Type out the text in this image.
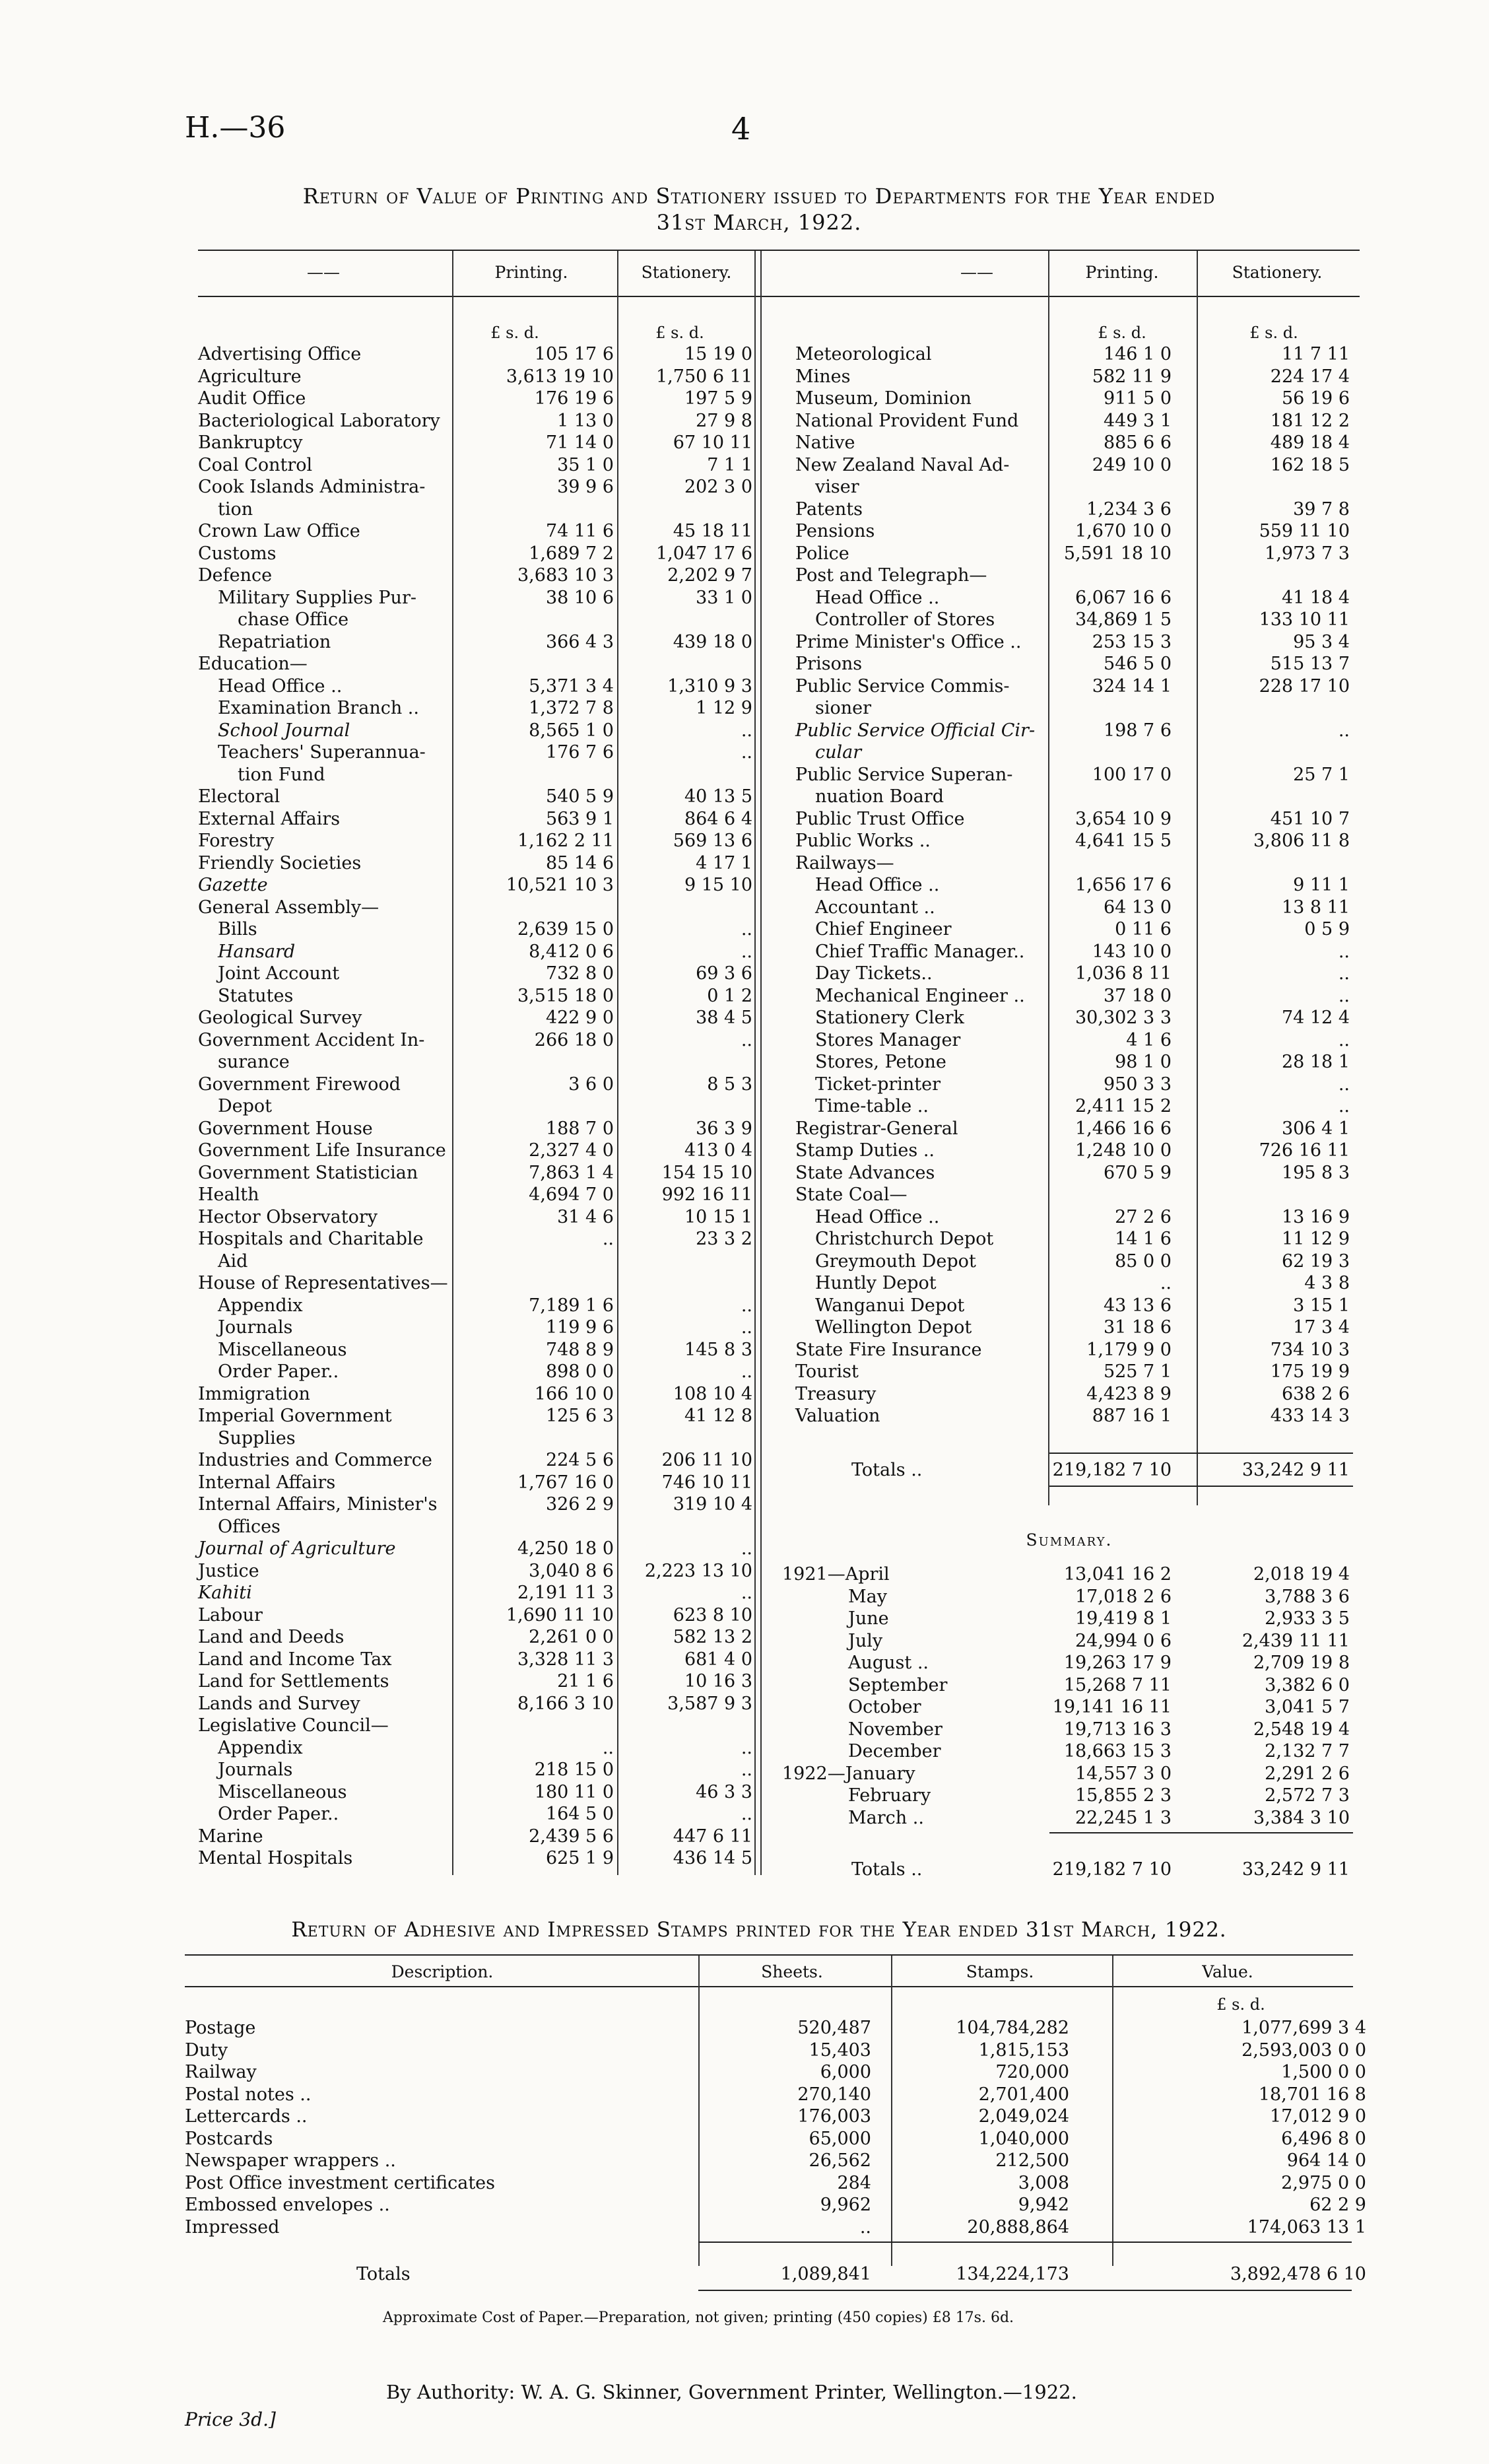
H.—36	4
Return of Value of Printing and Stationery issued to Departments for the Year ended
31st March, 1922.
——	Printing.	Stationery.	——	Printing.	Stationery.
£ s. d.	£ s. d.	£ s. d.	£ s. d.
Advertising Office	105 17 6	15 19 0
Agriculture	3,613 19 10	1,750 6 11
Audit Office	176 19 6	197 5 9
Bacteriological Laboratory	1 13 0	27 9 8
Bankruptcy	71 14 0	67 10 11
Coal Control	35 1 0	7 1 1
Cook Islands Administra-	39 9 6	202 3 0
tion
Crown Law Office	74 11 6	45 18 11
Customs	1,689 7 2	1,047 17 6
Defence	3,683 10 3	2,202 9 7
Military Supplies Pur-	38 10 6	33 1 0
chase Office
Repatriation	366 4 3	439 18 0
Education—
Head Office ..	5,371 3 4	1,310 9 3
Examination Branch ..	1,372 7 8	1 12 9
School Journal	8,565 1 0	..
Teachers' Superannua-	176 7 6	..
tion Fund
Electoral	540 5 9	40 13 5
External Affairs	563 9 1	864 6 4
Forestry	1,162 2 11	569 13 6
Friendly Societies	85 14 6	4 17 1
Gazette	10,521 10 3	9 15 10
General Assembly—
Bills	2,639 15 0	..
Hansard	8,412 0 6	..
Joint Account	732 8 0	69 3 6
Statutes	3,515 18 0	0 1 2
Geological Survey	422 9 0	38 4 5
Government Accident In-	266 18 0	..
surance
Government Firewood	3 6 0	8 5 3
Depot
Government House	188 7 0	36 3 9
Government Life Insurance	2,327 4 0	413 0 4
Government Statistician	7,863 1 4	154 15 10
Health	4,694 7 0	992 16 11
Hector Observatory	31 4 6	10 15 1
Hospitals and Charitable	..	23 3 2
Aid
House of Representatives—
Appendix	7,189 1 6	..
Journals	119 9 6	..
Miscellaneous	748 8 9	145 8 3
Order Paper..	898 0 0	..
Immigration	166 10 0	108 10 4
Imperial Government	125 6 3	41 12 8
Supplies
Industries and Commerce	224 5 6	206 11 10
Internal Affairs	1,767 16 0	746 10 11
Internal Affairs, Minister's	326 2 9	319 10 4
Offices
Journal of Agriculture	4,250 18 0	..
Justice	3,040 8 6	2,223 13 10
Kahiti	2,191 11 3	..
Labour	1,690 11 10	623 8 10
Land and Deeds	2,261 0 0	582 13 2
Land and Income Tax	3,328 11 3	681 4 0
Land for Settlements	21 1 6	10 16 3
Lands and Survey	8,166 3 10	3,587 9 3
Legislative Council—
Appendix	..	..
Journals	218 15 0	..
Miscellaneous	180 11 0	46 3 3
Order Paper..	164 5 0	..
Marine	2,439 5 6	447 6 11
Mental Hospitals	625 1 9	436 14 5
Meteorological	146 1 0	11 7 11
Mines	582 11 9	224 17 4
Museum, Dominion	911 5 0	56 19 6
National Provident Fund	449 3 1	181 12 2
Native	885 6 6	489 18 4
New Zealand Naval Ad-	249 10 0	162 18 5
viser
Patents	1,234 3 6	39 7 8
Pensions	1,670 10 0	559 11 10
Police	5,591 18 10	1,973 7 3
Post and Telegraph—
Head Office ..	6,067 16 6	41 18 4
Controller of Stores	34,869 1 5	133 10 11
Prime Minister's Office ..	253 15 3	95 3 4
Prisons	546 5 0	515 13 7
Public Service Commis-	324 14 1	228 17 10
sioner
Public Service Official Cir-	198 7 6	..
cular
Public Service Superan-	100 17 0	25 7 1
nuation Board
Public Trust Office	3,654 10 9	451 10 7
Public Works ..	4,641 15 5	3,806 11 8
Railways—
Head Office ..	1,656 17 6	9 11 1
Accountant ..	64 13 0	13 8 11
Chief Engineer	0 11 6	0 5 9
Chief Traffic Manager..	143 10 0	..
Day Tickets..	1,036 8 11	..
Mechanical Engineer ..	37 18 0	..
Stationery Clerk	30,302 3 3	74 12 4
Stores Manager	4 1 6	..
Stores, Petone	98 1 0	28 18 1
Ticket-printer	950 3 3	..
Time-table ..	2,411 15 2	..
Registrar-General	1,466 16 6	306 4 1
Stamp Duties ..	1,248 10 0	726 16 11
State Advances	670 5 9	195 8 3
State Coal—
Head Office ..	27 2 6	13 16 9
Christchurch Depot	14 1 6	11 12 9
Greymouth Depot	85 0 0	62 19 3
Huntly Depot	..	4 3 8
Wanganui Depot	43 13 6	3 15 1
Wellington Depot	31 18 6	17 3 4
State Fire Insurance	1,179 9 0	734 10 3
Tourist	525 7 1	175 19 9
Treasury	4,423 8 9	638 2 6
Valuation	887 16 1	433 14 3
Totals ..	219,182 7 10	33,242 9 11
Summary.
1921—April	13,041 16 2	2,018 19 4
May	17,018 2 6	3,788 3 6
June	19,419 8 1	2,933 3 5
July	24,994 0 6	2,439 11 11
August ..	19,263 17 9	2,709 19 8
September	15,268 7 11	3,382 6 0
October	19,141 16 11	3,041 5 7
November	19,713 16 3	2,548 19 4
December	18,663 15 3	2,132 7 7
1922—January	14,557 3 0	2,291 2 6
February	15,855 2 3	2,572 7 3
March ..	22,245 1 3	3,384 3 10
Totals ..	219,182 7 10	33,242 9 11
Return of Adhesive and Impressed Stamps printed for the Year ended 31st March, 1922.
Description.	Sheets.	Stamps.	Value.
£ s. d.
Postage	520,487	104,784,282	1,077,699 3 4
Duty	15,403	1,815,153	2,593,003 0 0
Railway	6,000	720,000	1,500 0 0
Postal notes ..	270,140	2,701,400	18,701 16 8
Lettercards ..	176,003	2,049,024	17,012 9 0
Postcards	65,000	1,040,000	6,496 8 0
Newspaper wrappers ..	26,562	212,500	964 14 0
Post Office investment certificates	284	3,008	2,975 0 0
Embossed envelopes ..	9,962	9,942	62 2 9
Impressed	..	20,888,864	174,063 13 1
Totals	1,089,841	134,224,173	3,892,478 6 10
Approximate Cost of Paper.—Preparation, not given; printing (450 copies) £8 17s. 6d.
By Authority: W. A. G. Skinner, Government Printer, Wellington.—1922.
Price 3d.]
